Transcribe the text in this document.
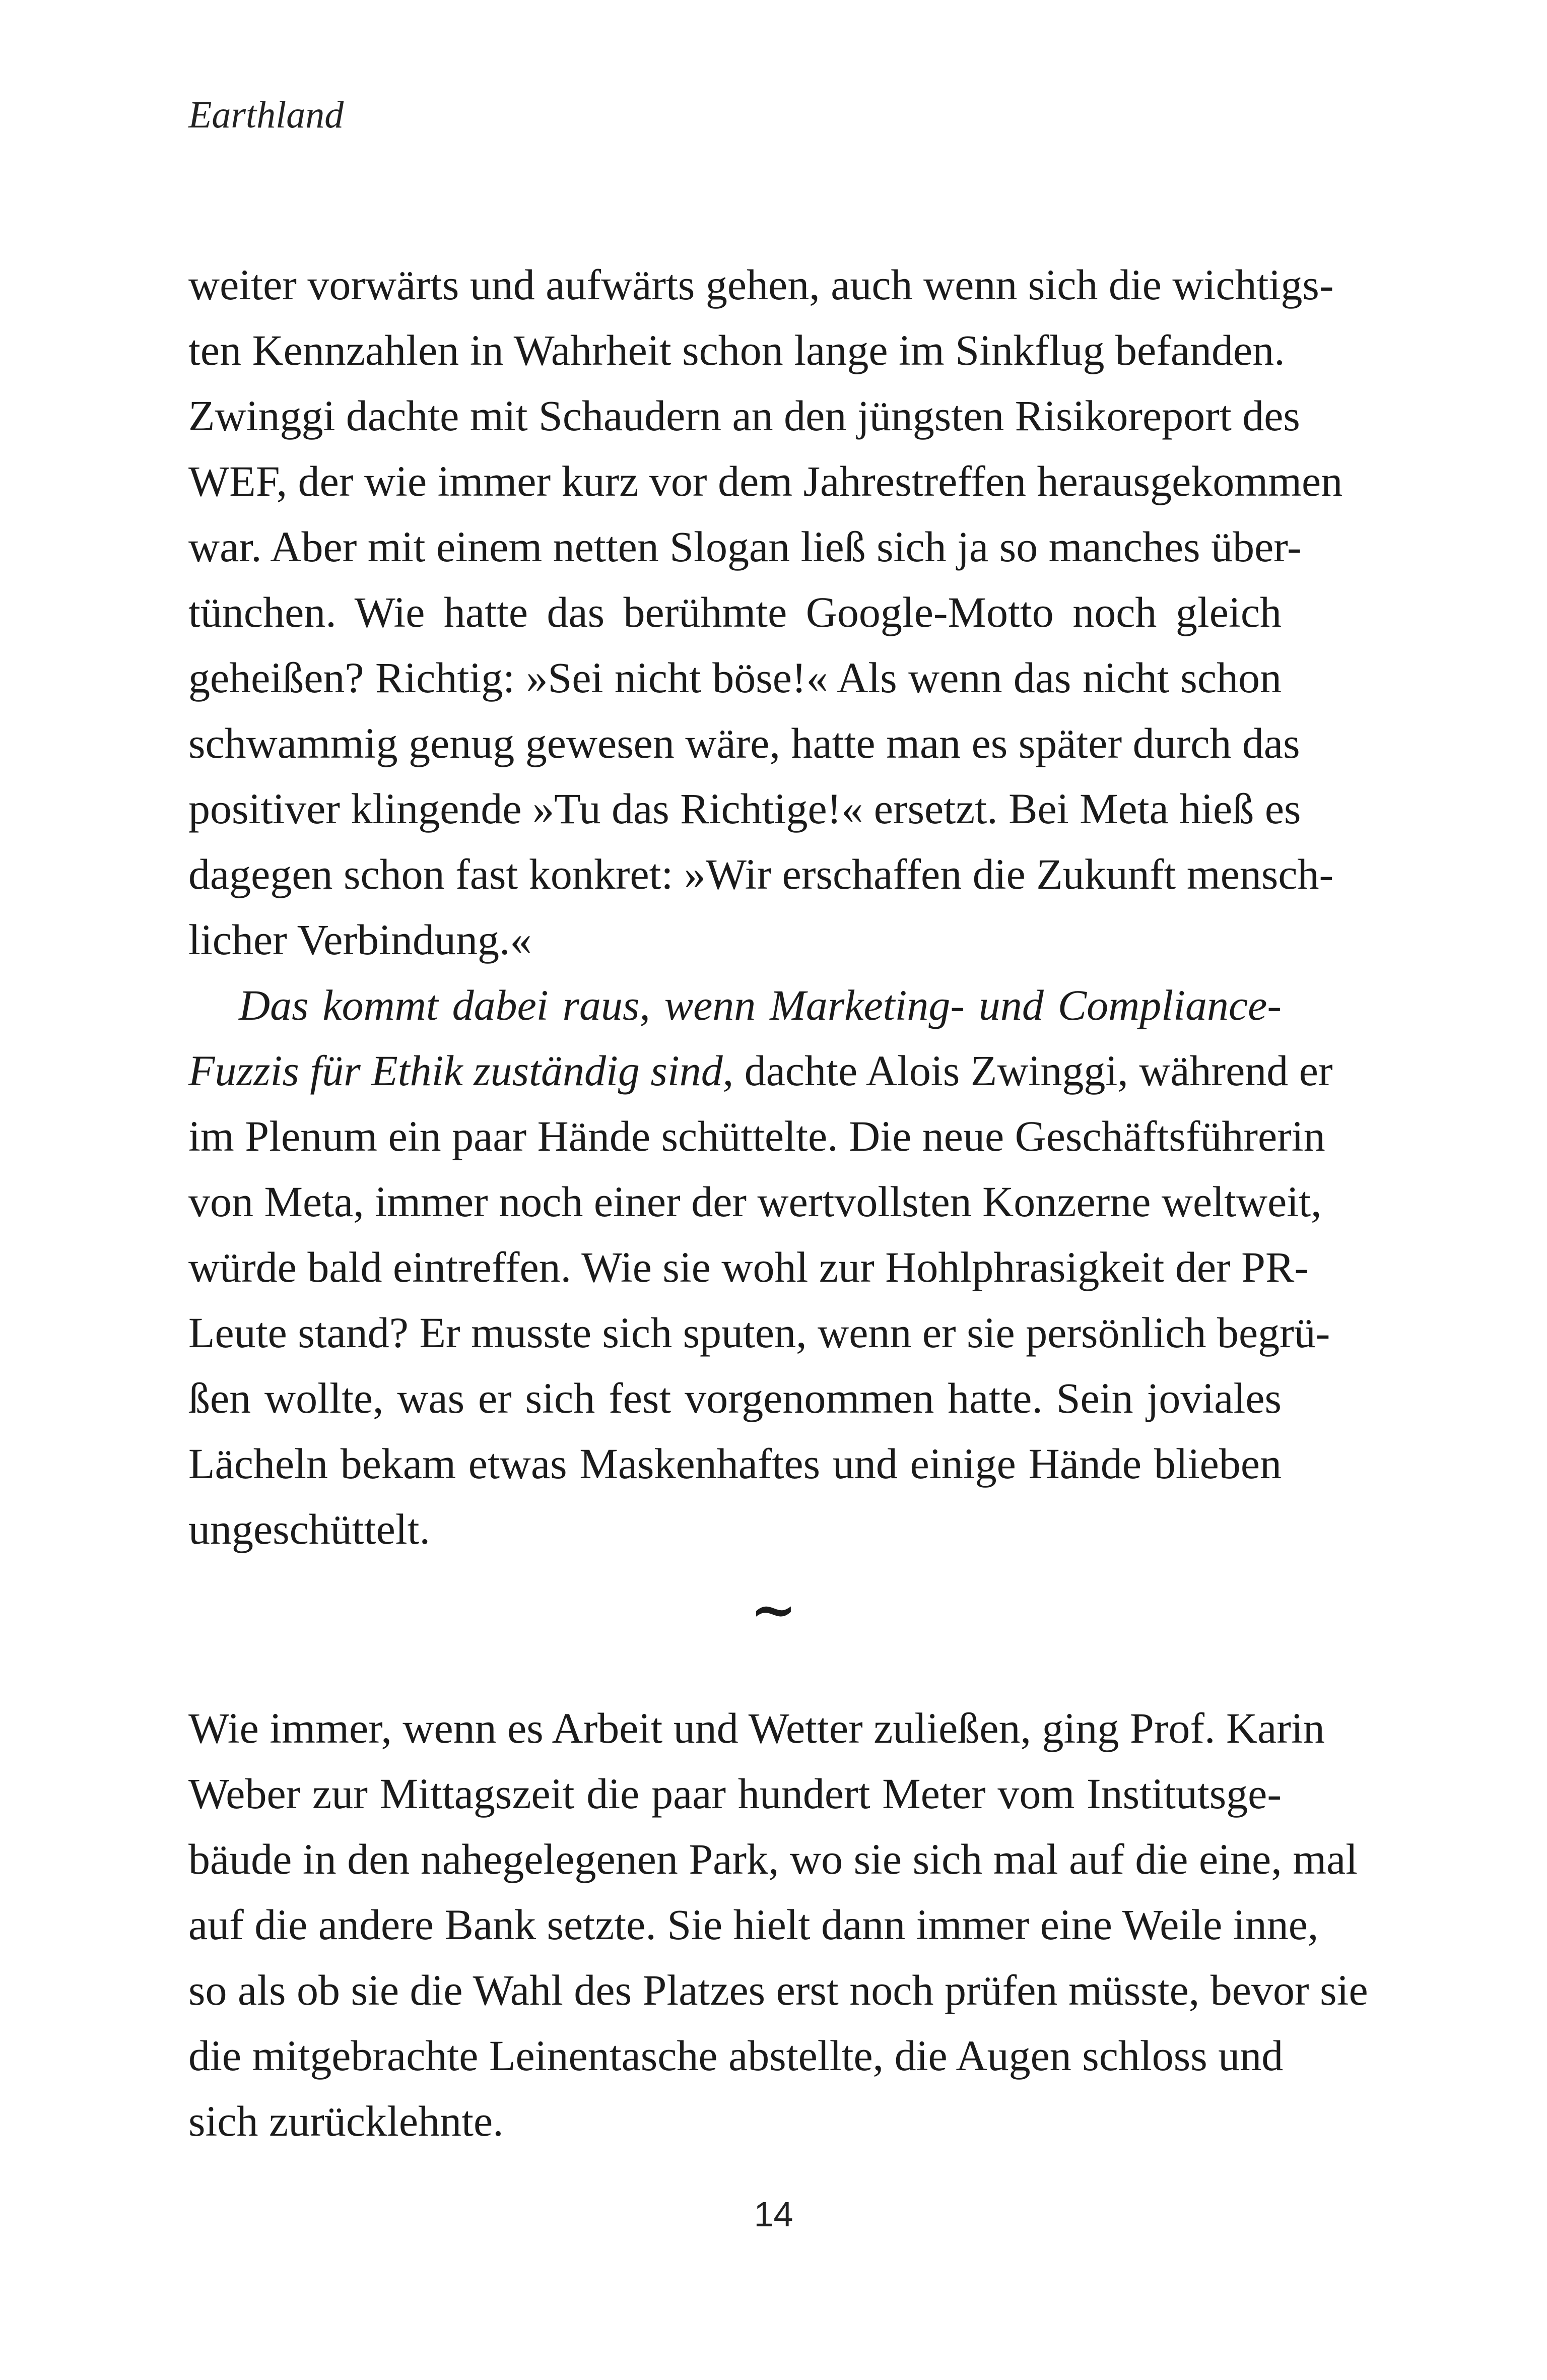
Earthland
weiter vorwärts und aufwärts gehen, auch wenn sich die wichtigs-
ten Kennzahlen in Wahrheit schon lange im Sinkflug befanden.
Zwinggi dachte mit Schaudern an den jüngsten Risikoreport des
WEF, der wie immer kurz vor dem Jahrestreffen herausgekommen
war. Aber mit einem netten Slogan ließ sich ja so manches über-
tünchen. Wie hatte das berühmte Google-Motto noch gleich
geheißen? Richtig: »Sei nicht böse!« Als wenn das nicht schon
schwammig genug gewesen wäre, hatte man es später durch das
positiver klingende »Tu das Richtige!« ersetzt. Bei Meta hieß es
dagegen schon fast konkret: »Wir erschaffen die Zukunft mensch-
licher Verbindung.«
Das kommt dabei raus, wenn Marketing- und Compliance-
Fuzzis für Ethik zuständig sind, dachte Alois Zwinggi, während er
im Plenum ein paar Hände schüttelte. Die neue Geschäftsführerin
von Meta, immer noch einer der wertvollsten Konzerne weltweit,
würde bald eintreffen. Wie sie wohl zur Hohlphrasigkeit der PR-
Leute stand? Er musste sich sputen, wenn er sie persönlich begrü-
ßen wollte, was er sich fest vorgenommen hatte. Sein joviales
Lächeln bekam etwas Maskenhaftes und einige Hände blieben
ungeschüttelt.
~
Wie immer, wenn es Arbeit und Wetter zuließen, ging Prof. Karin
Weber zur Mittagszeit die paar hundert Meter vom Institutsge-
bäude in den nahegelegenen Park, wo sie sich mal auf die eine, mal
auf die andere Bank setzte. Sie hielt dann immer eine Weile inne,
so als ob sie die Wahl des Platzes erst noch prüfen müsste, bevor sie
die mitgebrachte Leinentasche abstellte, die Augen schloss und
sich zurücklehnte.
14
